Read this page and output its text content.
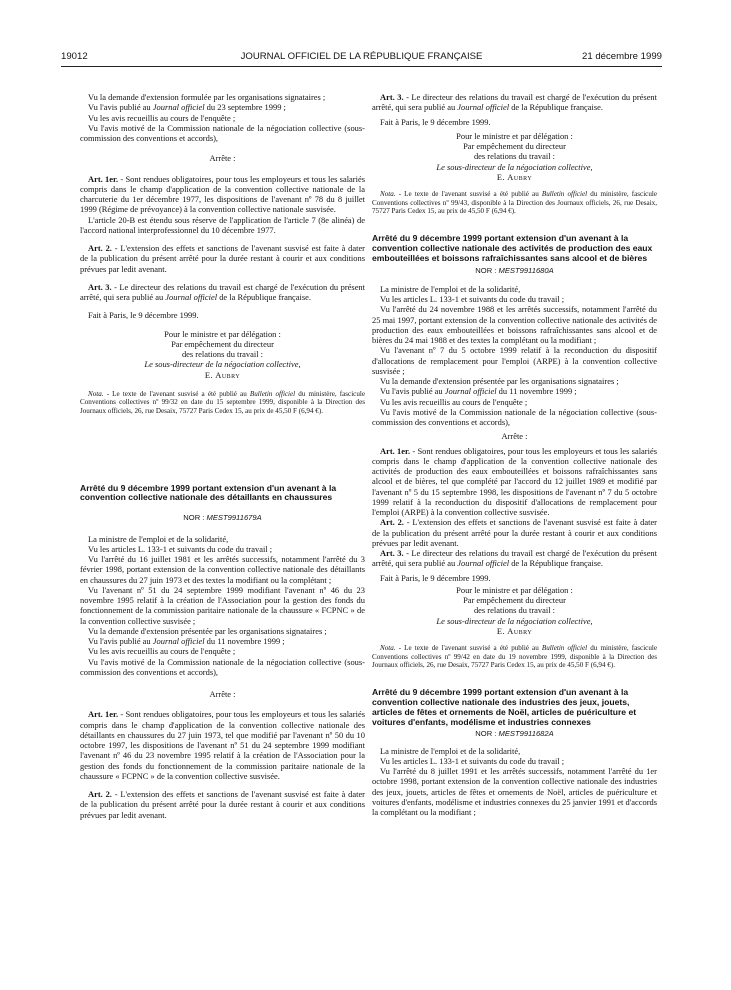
19012	JOURNAL OFFICIEL DE LA RÉPUBLIQUE FRANÇAISE	21 décembre 1999

Vu la demande d'extension formulée par les organisations signataires ;

Vu l'avis publié au Journal officiel du 23 septembre 1999 ;

Vu les avis recueillis au cours de l'enquête ;

Vu l'avis motivé de la Commission nationale de la négociation collective (sous-commission des conventions et accords),

Arrête :

Art. 1er. - Sont rendues obligatoires, pour tous les employeurs et tous les salariés compris dans le champ d'application de la convention collective nationale de la charcuterie du 1er décembre 1977, les dispositions de l'avenant nº 78 du 8 juillet 1999 (Régime de prévoyance) à la convention collective nationale susvisée.

L'article 20-B est étendu sous réserve de l'application de l'article 7 (8e alinéa) de l'accord national interprofessionnel du 10 décembre 1977.

Art. 2. - L'extension des effets et sanctions de l'avenant susvisé est faite à dater de la publication du présent arrêté pour la durée restant à courir et aux conditions prévues par ledit avenant.

Art. 3. - Le directeur des relations du travail est chargé de l'exécution du présent arrêté, qui sera publié au Journal officiel de la République française.

Fait à Paris, le 9 décembre 1999.

Pour le ministre et par délégation :

Par empêchement du directeur

des relations du travail :

Le sous-directeur de la négociation collective,

E. Aubry

Nota. - Le texte de l'avenant susvisé a été publié au Bulletin officiel du ministère, fascicule Conventions collectives nº 99/32 en date du 15 septembre 1999, disponible à la Direction des Journaux officiels, 26, rue Desaix, 75727 Paris Cedex 15, au prix de 45,50 F (6,94 €).

Arrêté du 9 décembre 1999 portant extension d'un avenant à la convention collective nationale des détaillants en chaussures

NOR : MEST9911679A

La ministre de l'emploi et de la solidarité,

Vu les articles L. 133-1 et suivants du code du travail ;

Vu l'arrêté du 16 juillet 1981 et les arrêtés successifs, notamment l'arrêté du 3 février 1998, portant extension de la convention collective nationale des détaillants en chaussures du 27 juin 1973 et des textes la modifiant ou la complétant ;

Vu l'avenant nº 51 du 24 septembre 1999 modifiant l'avenant nº 46 du 23 novembre 1995 relatif à la création de l'Association pour la gestion des fonds du fonctionnement de la commission paritaire nationale de la chaussure « FCPNC » de la convention collective susvisée ;

Vu la demande d'extension présentée par les organisations signataires ;

Vu l'avis publié au Journal officiel du 11 novembre 1999 ;

Vu les avis recueillis au cours de l'enquête ;

Vu l'avis motivé de la Commission nationale de la négociation collective (sous-commission des conventions et accords),

Arrête :

Art. 1er. - Sont rendues obligatoires, pour tous les employeurs et tous les salariés compris dans le champ d'application de la convention collective nationale des détaillants en chaussures du 27 juin 1973, tel que modifié par l'avenant nº 50 du 10 octobre 1997, les dispositions de l'avenant nº 51 du 24 septembre 1999 modifiant l'avenant nº 46 du 23 novembre 1995 relatif à la création de l'Association pour la gestion des fonds du fonctionnement de la commission paritaire nationale de la chaussure « FCPNC » de la convention collective susvisée.

Art. 2. - L'extension des effets et sanctions de l'avenant susvisé est faite à dater de la publication du présent arrêté pour la durée restant à courir et aux conditions prévues par ledit avenant.

Art. 3. - Le directeur des relations du travail est chargé de l'exécution du présent arrêté, qui sera publié au Journal officiel de la République française.

Fait à Paris, le 9 décembre 1999.

Pour le ministre et par délégation :

Par empêchement du directeur

des relations du travail :

Le sous-directeur de la négociation collective,

E. Aubry

Nota. - Le texte de l'avenant susvisé a été publié au Bulletin officiel du ministère, fascicule Conventions collectives nº 99/43, disponible à la Direction des Journaux officiels, 26, rue Desaix, 75727 Paris Cedex 15, au prix de 45,50 F (6,94 €).

Arrêté du 9 décembre 1999 portant extension d'un avenant à la convention collective nationale des activités de production des eaux embouteillées et boissons rafraîchissantes sans alcool et de bières

NOR : MEST9911680A

La ministre de l'emploi et de la solidarité,

Vu les articles L. 133-1 et suivants du code du travail ;

Vu l'arrêté du 24 novembre 1988 et les arrêtés successifs, notamment l'arrêté du 25 mai 1997, portant extension de la convention collective nationale des activités de production des eaux embouteillées et boissons rafraîchissantes sans alcool et de bières du 24 mai 1988 et des textes la complétant ou la modifiant ;

Vu l'avenant nº 7 du 5 octobre 1999 relatif à la reconduction du dispositif d'allocations de remplacement pour l'emploi (ARPE) à la convention collective susvisée ;

Vu la demande d'extension présentée par les organisations signataires ;

Vu l'avis publié au Journal officiel du 11 novembre 1999 ;

Vu les avis recueillis au cours de l'enquête ;

Vu l'avis motivé de la Commission nationale de la négociation collective (sous-commission des conventions et accords),

Arrête :

Art. 1er. - Sont rendues obligatoires, pour tous les employeurs et tous les salariés compris dans le champ d'application de la convention collective nationale des activités de production des eaux embouteillées et boissons rafraîchissantes sans alcool et de bières, tel que complété par l'accord du 12 juillet 1989 et modifié par l'avenant nº 5 du 15 septembre 1998, les dispositions de l'avenant nº 7 du 5 octobre 1999 relatif à la reconduction du dispositif d'allocations de remplacement pour l'emploi (ARPE) à la convention collective susvisée.

Art. 2. - L'extension des effets et sanctions de l'avenant susvisé est faite à dater de la publication du présent arrêté pour la durée restant à courir et aux conditions prévues par ledit avenant.

Art. 3. - Le directeur des relations du travail est chargé de l'exécution du présent arrêté, qui sera publié au Journal officiel de la République française.

Fait à Paris, le 9 décembre 1999.

Pour le ministre et par délégation :

Par empêchement du directeur

des relations du travail :

Le sous-directeur de la négociation collective,

E. Aubry

Nota. - Le texte de l'avenant susvisé a été publié au Bulletin officiel du ministère, fascicule Conventions collectives nº 99/42 en date du 19 novembre 1999, disponible à la Direction des Journaux officiels, 26, rue Desaix, 75727 Paris Cedex 15, au prix de 45,50 F (6,94 €).

Arrêté du 9 décembre 1999 portant extension d'un avenant à la convention collective nationale des industries des jeux, jouets, articles de fêtes et ornements de Noël, articles de puériculture et voitures d'enfants, modélisme et industries connexes

NOR : MEST9911682A

La ministre de l'emploi et de la solidarité,

Vu les articles L. 133-1 et suivants du code du travail ;

Vu l'arrêté du 8 juillet 1991 et les arrêtés successifs, notamment l'arrêté du 1er octobre 1998, portant extension de la convention collective nationale des industries des jeux, jouets, articles de fêtes et ornements de Noël, articles de puériculture et voitures d'enfants, modélisme et industries connexes du 25 janvier 1991 et d'accords la complétant ou la modifiant ;
